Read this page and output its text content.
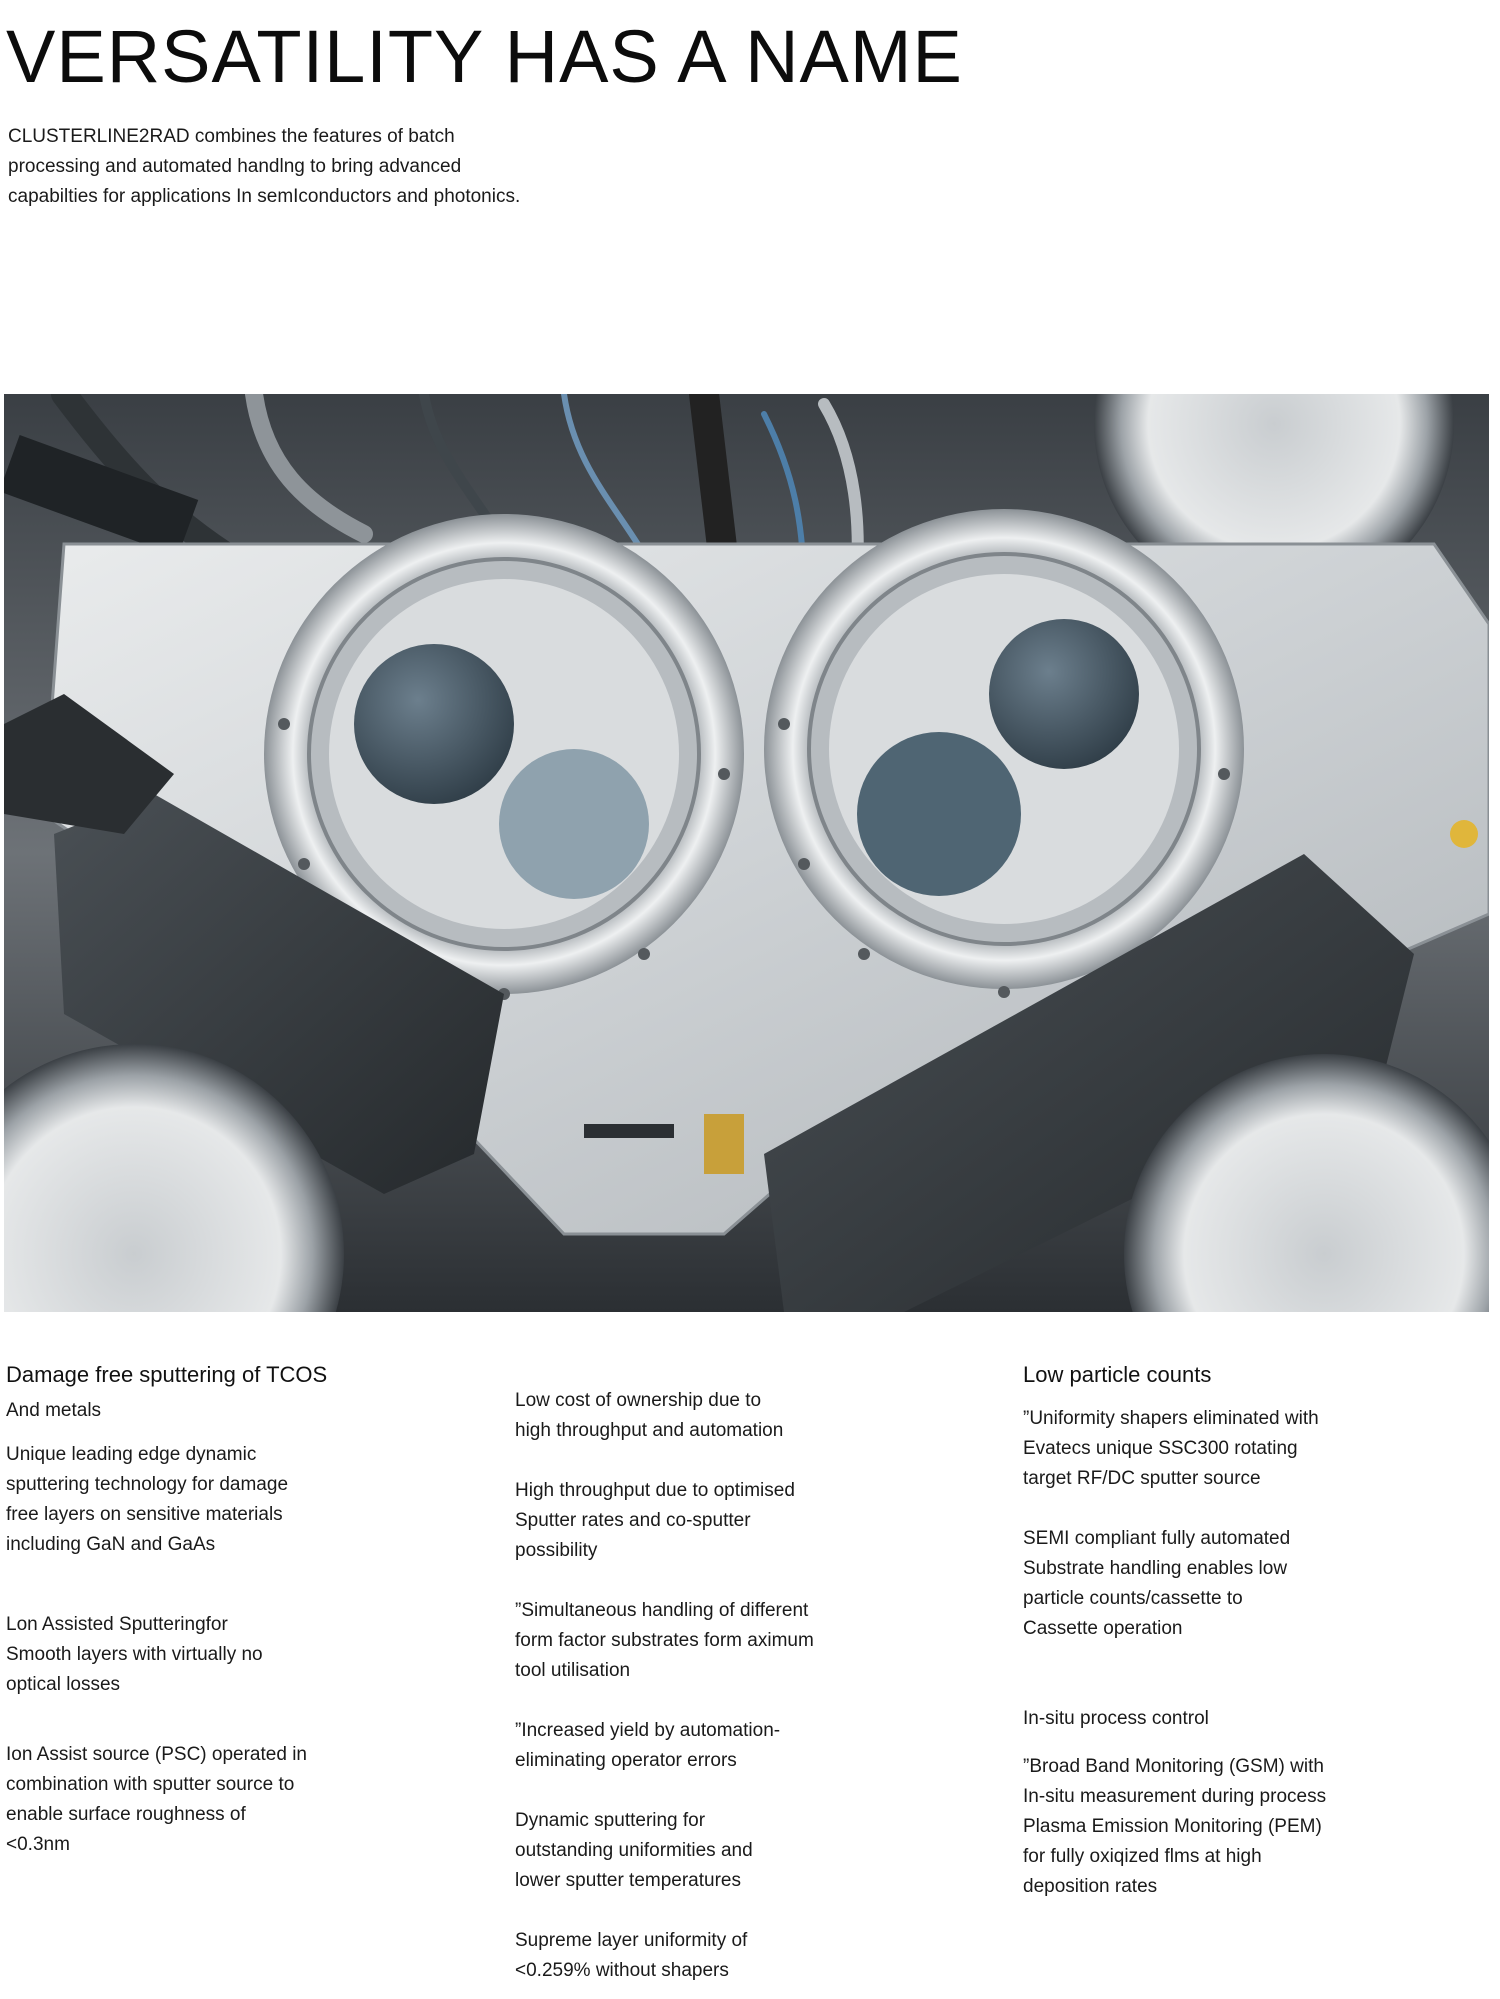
VERSATILITY HAS A NAME
CLUSTERLINE2RAD combines the features of batch
processing and automated handlng to bring advanced
capabilties for applications In semIconductors and photonics.
Damage free sputtering of TCOS
And metals
Unique leading edge dynamic
sputtering technology for damage
free layers on sensitive materials
including GaN and GaAs
Lon Assisted Sputteringfor
Smooth layers with virtually no
optical losses
Ion Assist source (PSC) operated in
combination with sputter source to
enable surface roughness of
<0.3nm
Low cost of ownership due to
high throughput and automation
High throughput due to optimised
Sputter rates and co-sputter
possibility
”Simultaneous handling of different
form factor substrates form aximum
tool utilisation
”Increased yield by automation-
eliminating operator errors
Dynamic sputtering for
outstanding uniformities and
lower sputter temperatures
Supreme layer uniformity of
<0.259% without shapers
Low particle counts
”Uniformity shapers eliminated with
Evatecs unique SSC300 rotating
target RF/DC sputter source
SEMI compliant fully automated
Substrate handling enables low
particle counts/cassette to
Cassette operation
In-situ process control
”Broad Band Monitoring (GSM) with
In-situ measurement during process
Plasma Emission Monitoring (PEM)
for fully oxiqized flms at high
deposition rates
